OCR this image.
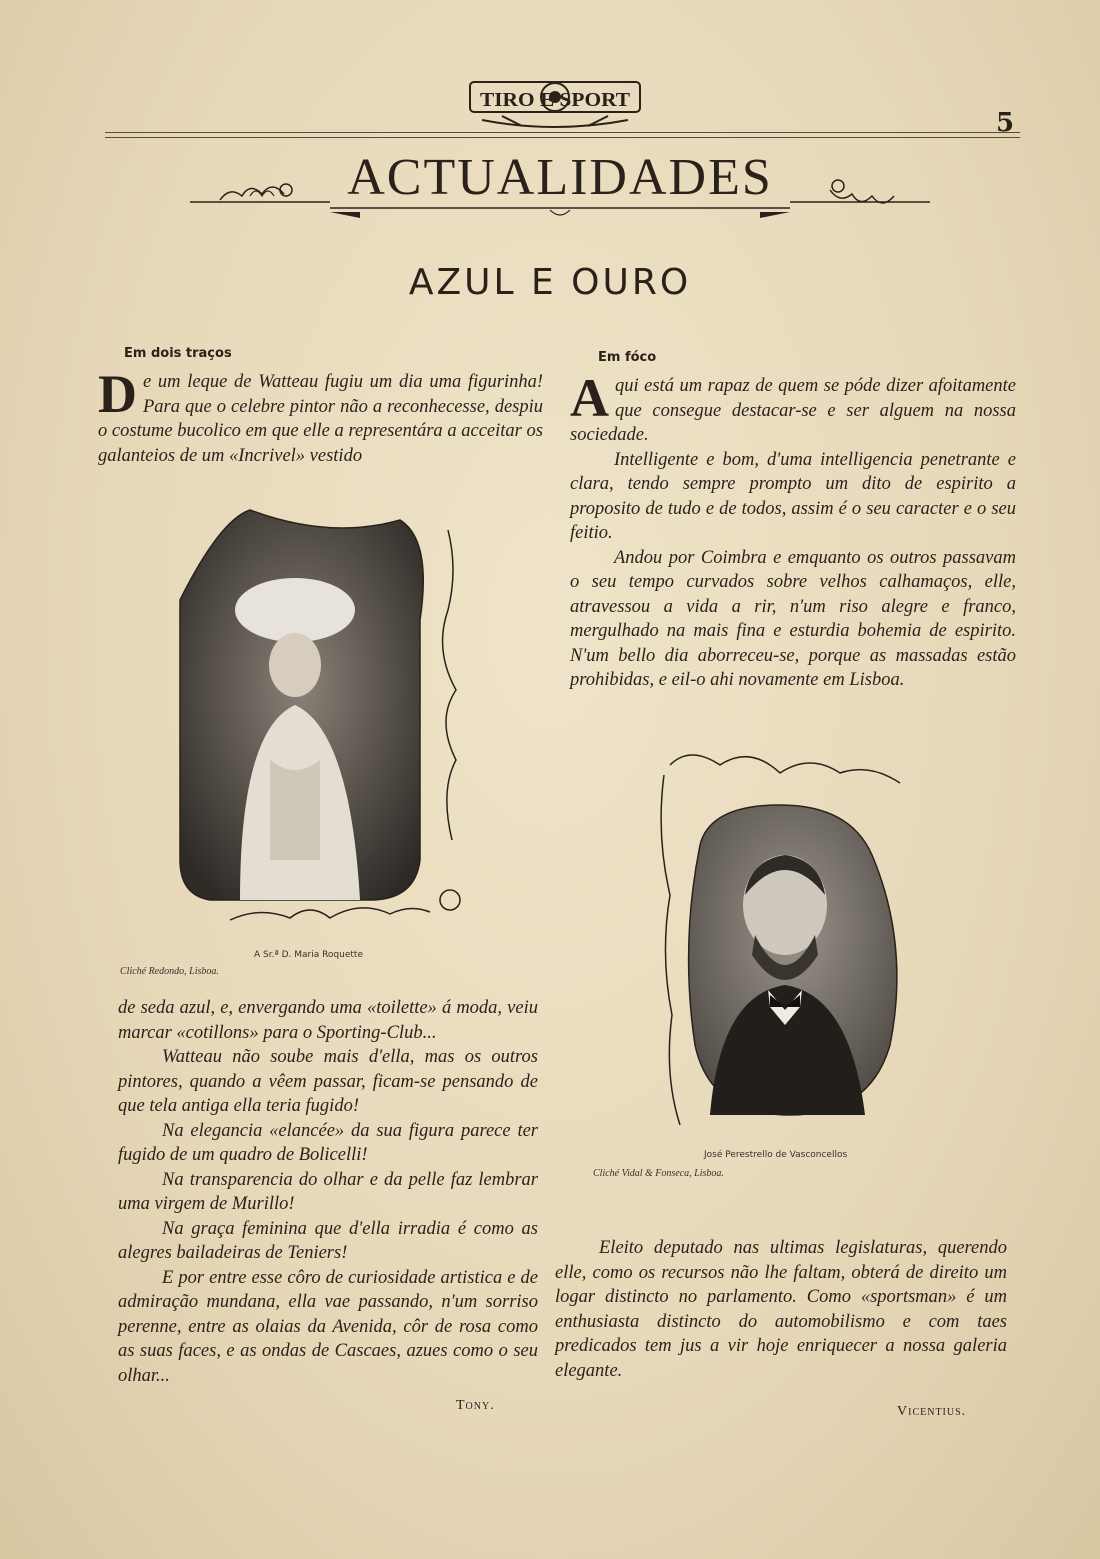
TIRO E SPORT
5
ACTUALIDADES
AZUL E OURO
Em dois traços

D e um leque de Watteau fugiu um dia uma figurinha! Para que o celebre pintor não a reconhecesse, despiu o costume bucolico em que elle a representára a acceitar os galanteios de um «Incrivel» vestido

A Sr.ª D. Maria Roquette
Cliché Redondo, Lisboa.

de seda azul, e, envergando uma «toilette» á moda, veiu marcar «cotillons» para o Sporting-Club...

Watteau não soube mais d'ella, mas os outros pintores, quando a vêem passar, ficam-se pensando de que tela antiga ella teria fugido!

Na elegancia «elancée» da sua figura parece ter fugido de um quadro de Bolicelli!

Na transparencia do olhar e da pelle faz lembrar uma virgem de Murillo!

Na graça feminina que d'ella irradia é como as alegres bailadeiras de Teniers!

E por entre esse côro de curiosidade artistica e de admiração mundana, ella vae passando, n'um sorriso perenne, entre as olaias da Avenida, côr de rosa como as suas faces, e as ondas de Cascaes, azues como o seu olhar...

Tony.
Em fóco

A qui está um rapaz de quem se póde dizer afoitamente que consegue destacar-se e ser alguem na nossa sociedade.

Intelligente e bom, d'uma intelligencia penetrante e clara, tendo sempre prompto um dito de espirito a proposito de tudo e de todos, assim é o seu caracter e o seu feitio.

Andou por Coimbra e emquanto os outros passavam o seu tempo curvados sobre velhos calhamaços, elle, atravessou a vida a rir, n'um riso alegre e franco, mergulhado na mais fina e esturdia bohemia de espirito. N'um bello dia aborreceu-se, porque as massadas estão prohibidas, e eil-o ahi novamente em Lisboa.

José Perestrello de Vasconcellos
Cliché Vidal & Fonseca, Lisboa.

Eleito deputado nas ultimas legislaturas, querendo elle, como os recursos não lhe faltam, obterá de direito um logar distincto no parlamento. Como «sportsman» é um enthusiasta distincto do automobilismo e com taes predicados tem jus a vir hoje enriquecer a nossa galeria elegante.

Vicentius.
